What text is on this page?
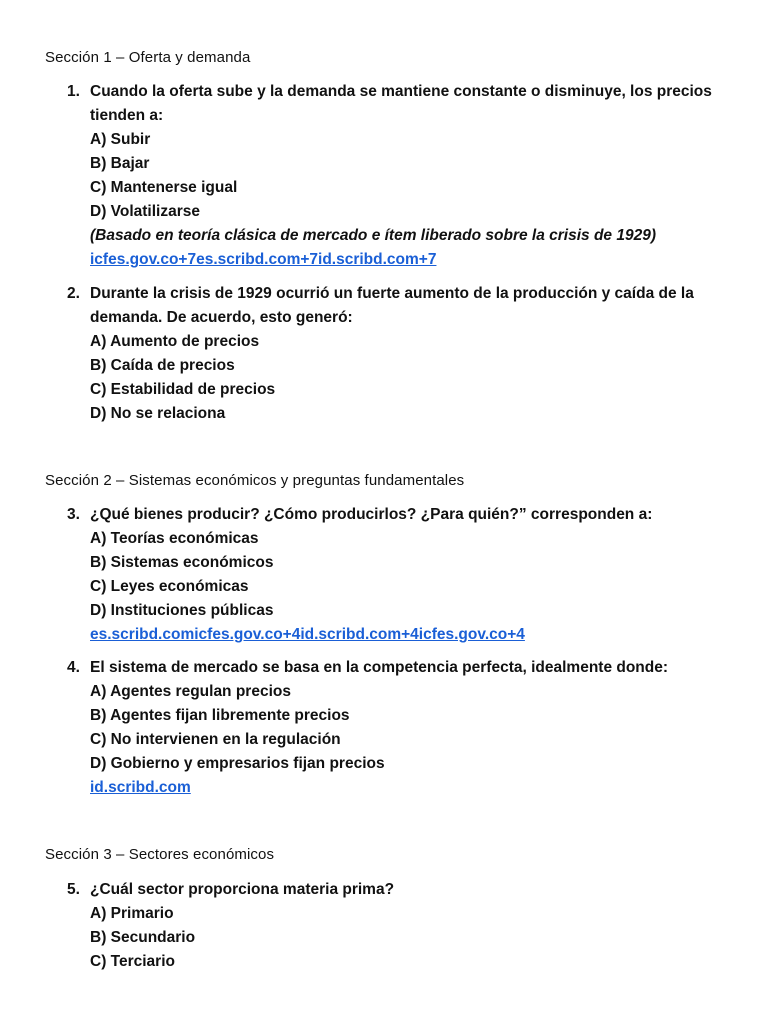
Sección 1 – Oferta y demanda
1. Cuando la oferta sube y la demanda se mantiene constante o disminuye, los precios
tienden a:
A) Subir
B) Bajar
C) Mantenerse igual
D) Volatilizarse
(Basado en teoría clásica de mercado e ítem liberado sobre la crisis de 1929)
icfes.gov.co+7es.scribd.com+7id.scribd.com+7
2. Durante la crisis de 1929 ocurrió un fuerte aumento de la producción y caída de la
demanda. De acuerdo, esto generó:
A) Aumento de precios
B) Caída de precios
C) Estabilidad de precios
D) No se relaciona
Sección 2 – Sistemas económicos y preguntas fundamentales
3. ¿Qué bienes producir? ¿Cómo producirlos? ¿Para quién?” corresponden a:
A) Teorías económicas
B) Sistemas económicos
C) Leyes económicas
D) Instituciones públicas
es.scribd.comicfes.gov.co+4id.scribd.com+4icfes.gov.co+4
4. El sistema de mercado se basa en la competencia perfecta, idealmente donde:
A) Agentes regulan precios
B) Agentes fijan libremente precios
C) No intervienen en la regulación
D) Gobierno y empresarios fijan precios
id.scribd.com
Sección 3 – Sectores económicos
5. ¿Cuál sector proporciona materia prima?
A) Primario
B) Secundario
C) Terciario
